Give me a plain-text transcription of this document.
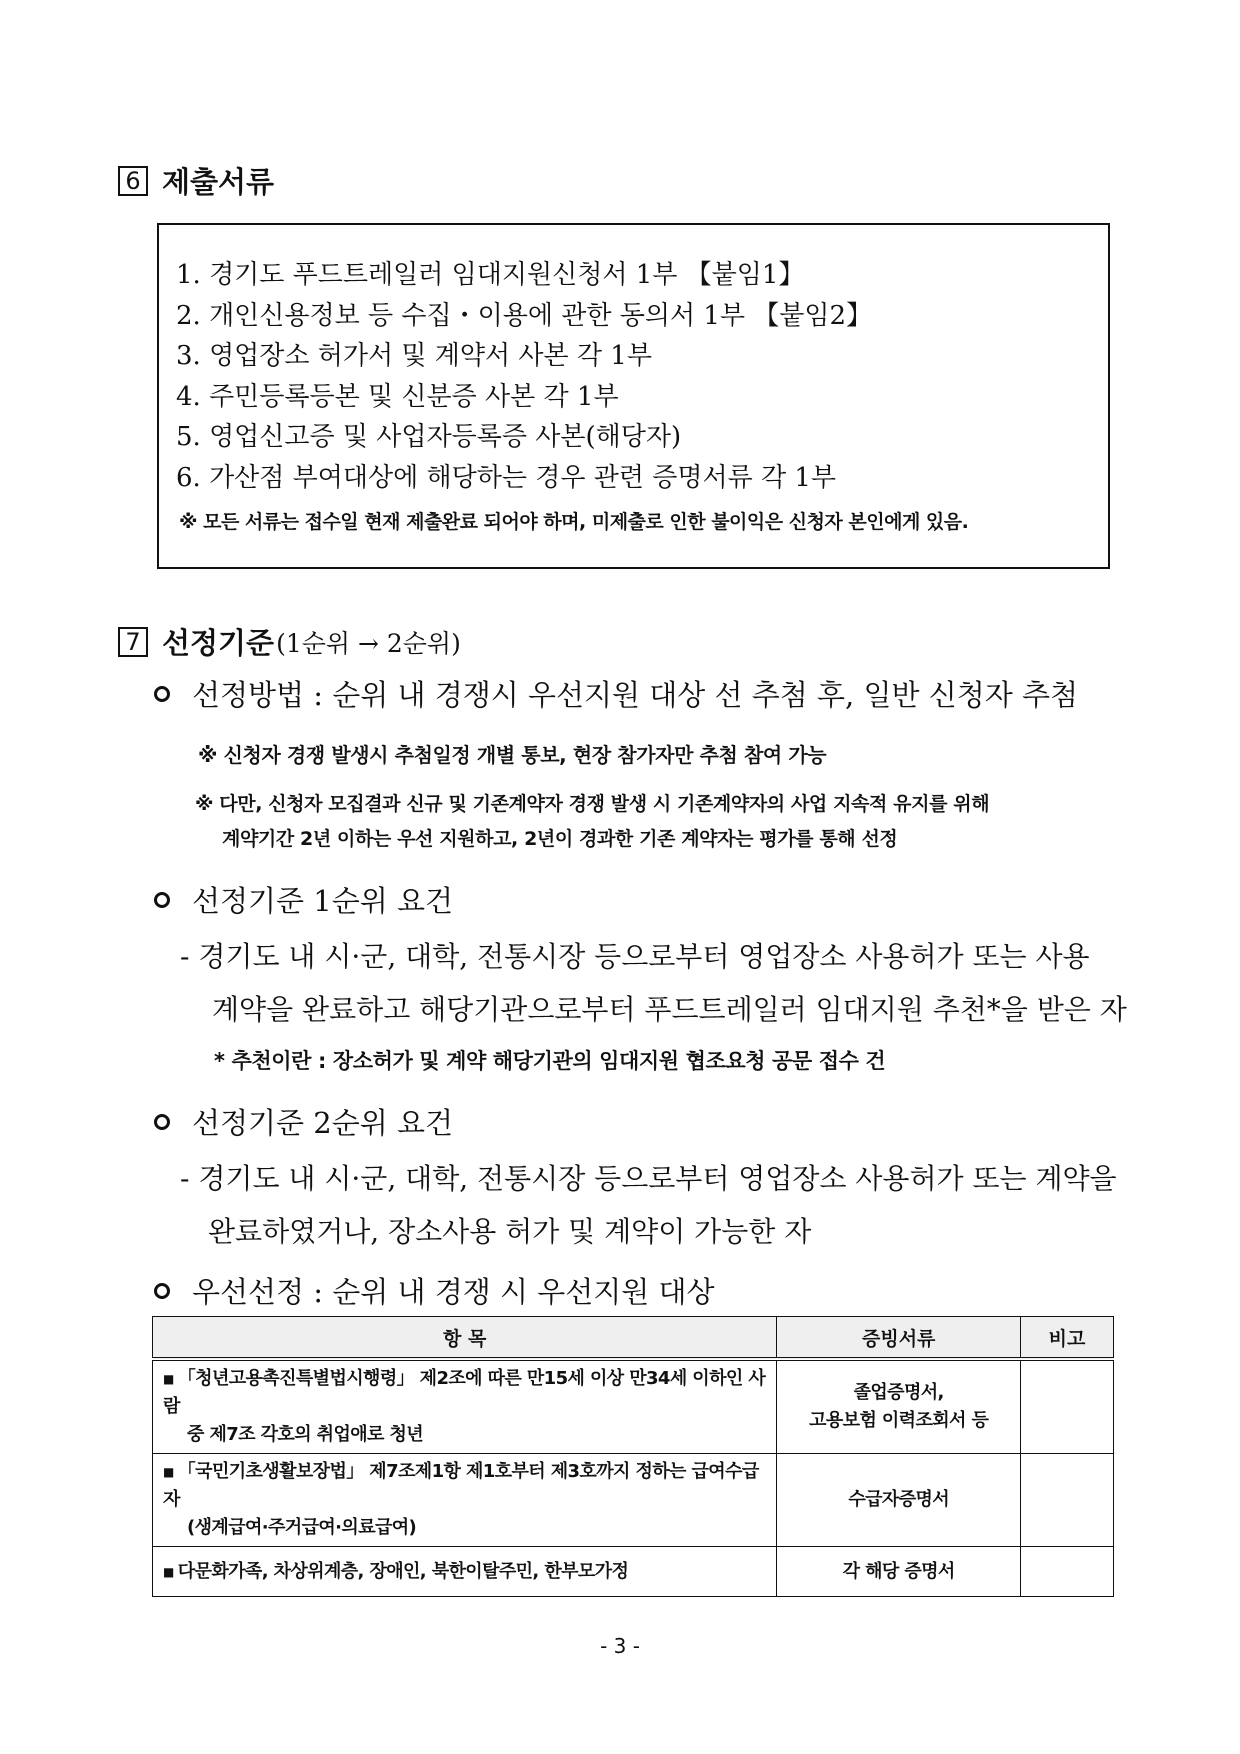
6 제출서류
1. 경기도 푸드트레일러 임대지원신청서 1부 【붙임1】
2. 개인신용정보 등 수집・이용에 관한 동의서 1부 【붙임2】
3. 영업장소 허가서 및 계약서 사본 각 1부
4. 주민등록등본 및 신분증 사본 각 1부
5. 영업신고증 및 사업자등록증 사본(해당자)
6. 가산점 부여대상에 해당하는 경우 관련 증명서류 각 1부
※ 모든 서류는 접수일 현재 제출완료 되어야 하며, 미제출로 인한 불이익은 신청자 본인에게 있음.
7 선정기준 (1순위 → 2순위)
선정방법 : 순위 내 경쟁시 우선지원 대상 선 추첨 후, 일반 신청자 추첨
※ 신청자 경쟁 발생시 추첨일정 개별 통보, 현장 참가자만 추첨 참여 가능
※ 다만, 신청자 모집결과 신규 및 기존계약자 경쟁 발생 시 기존계약자의 사업 지속적 유지를 위해
계약기간 2년 이하는 우선 지원하고, 2년이 경과한 기존 계약자는 평가를 통해 선정
선정기준 1순위 요건
- 경기도 내 시·군, 대학, 전통시장 등으로부터 영업장소 사용허가 또는 사용
계약을 완료하고 해당기관으로부터 푸드트레일러 임대지원 추천*을 받은 자
* 추천이란 : 장소허가 및 계약 해당기관의 임대지원 협조요청 공문 접수 건
선정기준 2순위 요건
- 경기도 내 시·군, 대학, 전통시장 등으로부터 영업장소 사용허가 또는 계약을
완료하였거나, 장소사용 허가 및 계약이 가능한 자
우선선정 : 순위 내 경쟁 시 우선지원 대상
항 목	증빙서류	비고
■ 「청년고용촉진특별법시행령」 제2조에 따른 만15세 이상 만34세 이하인 사람
중 제7조 각호의 취업애로 청년	졸업증명서,
고용보험 이력조회서 등	
■ 「국민기초생활보장법」 제7조제1항 제1호부터 제3호까지 정하는 급여수급자
(생계급여·주거급여·의료급여)	수급자증명서	
■ 다문화가족, 차상위계층, 장애인, 북한이탈주민, 한부모가정	각 해당 증명서	
- 3 -
